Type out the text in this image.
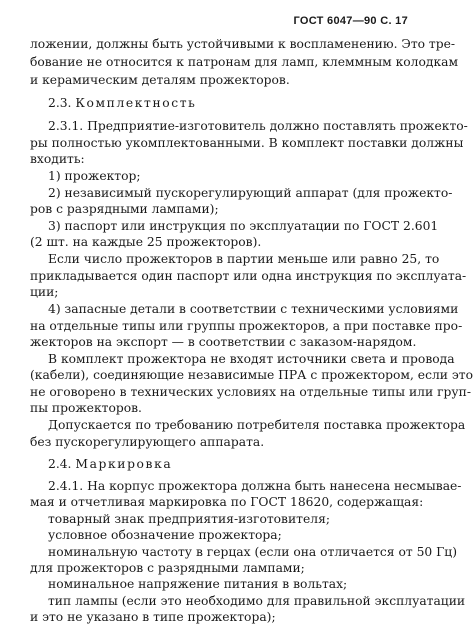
ГОСТ 6047—90 С. 17
ложении, должны быть устойчивыми к воспламенению. Это тре-
бование не относится к патронам для ламп, клеммным колодкам
и керамическим деталям прожекторов.
2.3. Комплектность
2.3.1. Предприятие-изготовитель должно поставлять прожекто-
ры полностью укомплектованными. В комплект поставки должны
входить:
1) прожектор;
2) независимый пускорегулирующий аппарат (для прожекто-
ров с разрядными лампами);
3) паспорт или инструкция по эксплуатации по ГОСТ 2.601
(2 шт. на каждые 25 прожекторов).
Если число прожекторов в партии меньше или равно 25, то
прикладывается один паспорт или одна инструкция по эксплуата-
ции;
4) запасные детали в соответствии с техническими условиями
на отдельные типы или группы прожекторов, а при поставке про-
жекторов на экспорт — в соответствии с заказом-нарядом.
В комплект прожектора не входят источники света и провода
(кабели), соединяющие независимые ПРА с прожектором, если это
не оговорено в технических условиях на отдельные типы или груп-
пы прожекторов.
Допускается по требованию потребителя поставка прожектора
без пускорегулирующего аппарата.
2.4. Маркировка
2.4.1. На корпус прожектора должна быть нанесена несмывае-
мая и отчетливая маркировка по ГОСТ 18620, содержащая:
товарный знак предприятия-изготовителя;
условное обозначение прожектора;
номинальную частоту в герцах (если она отличается от 50 Гц)
для прожекторов с разрядными лампами;
номинальное напряжение питания в вольтах;
тип лампы (если это необходимо для правильной эксплуатации
и это не указано в типе прожектора);
